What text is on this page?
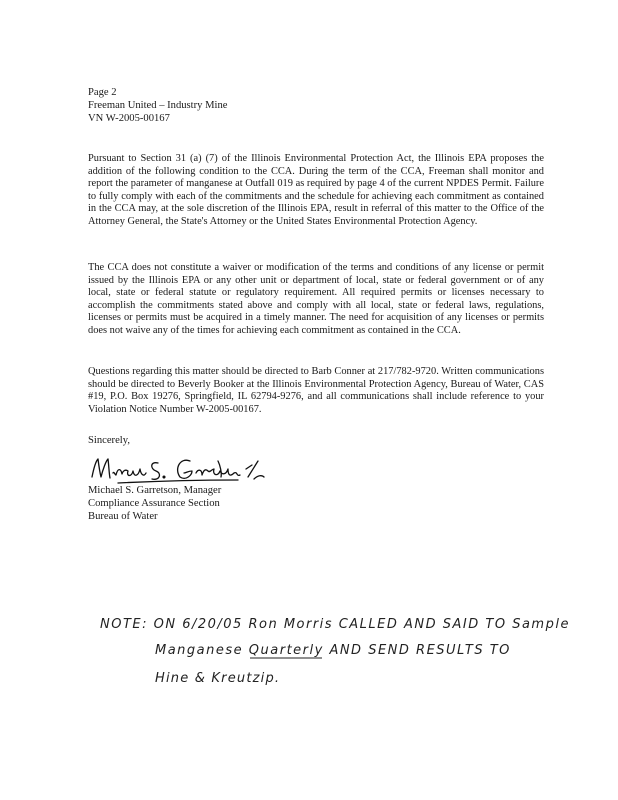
Page 2
Freeman United – Industry Mine
VN W-2005-00167
Pursuant to Section 31 (a) (7) of the Illinois Environmental Protection Act, the Illinois EPA proposes the addition of the following condition to the CCA. During the term of the CCA, Freeman shall monitor and report the parameter of manganese at Outfall 019 as required by page 4 of the current NPDES Permit. Failure to fully comply with each of the commitments and the schedule for achieving each commitment as contained in the CCA may, at the sole discretion of the Illinois EPA, result in referral of this matter to the Office of the Attorney General, the State's Attorney or the United States Environmental Protection Agency.
The CCA does not constitute a waiver or modification of the terms and conditions of any license or permit issued by the Illinois EPA or any other unit or department of local, state or federal government or of any local, state or federal statute or regulatory requirement. All required permits or licenses necessary to accomplish the commitments stated above and comply with all local, state or federal laws, regulations, licenses or permits must be acquired in a timely manner. The need for acquisition of any licenses or permits does not waive any of the times for achieving each commitment as contained in the CCA.
Questions regarding this matter should be directed to Barb Conner at 217/782-9720. Written communications should be directed to Beverly Booker at the Illinois Environmental Protection Agency, Bureau of Water, CAS #19, P.O. Box 19276, Springfield, IL 62794-9276, and all communications shall include reference to your Violation Notice Number W-2005-00167.
Sincerely,
Michael S. Garretson, Manager
Compliance Assurance Section
Bureau of Water
NOTE: ON 6/20/05 Ron Morris CALLED AND SAID TO Sample
Manganese Quarterly AND SEND RESULTS TO
Hine & Kreutzip.
